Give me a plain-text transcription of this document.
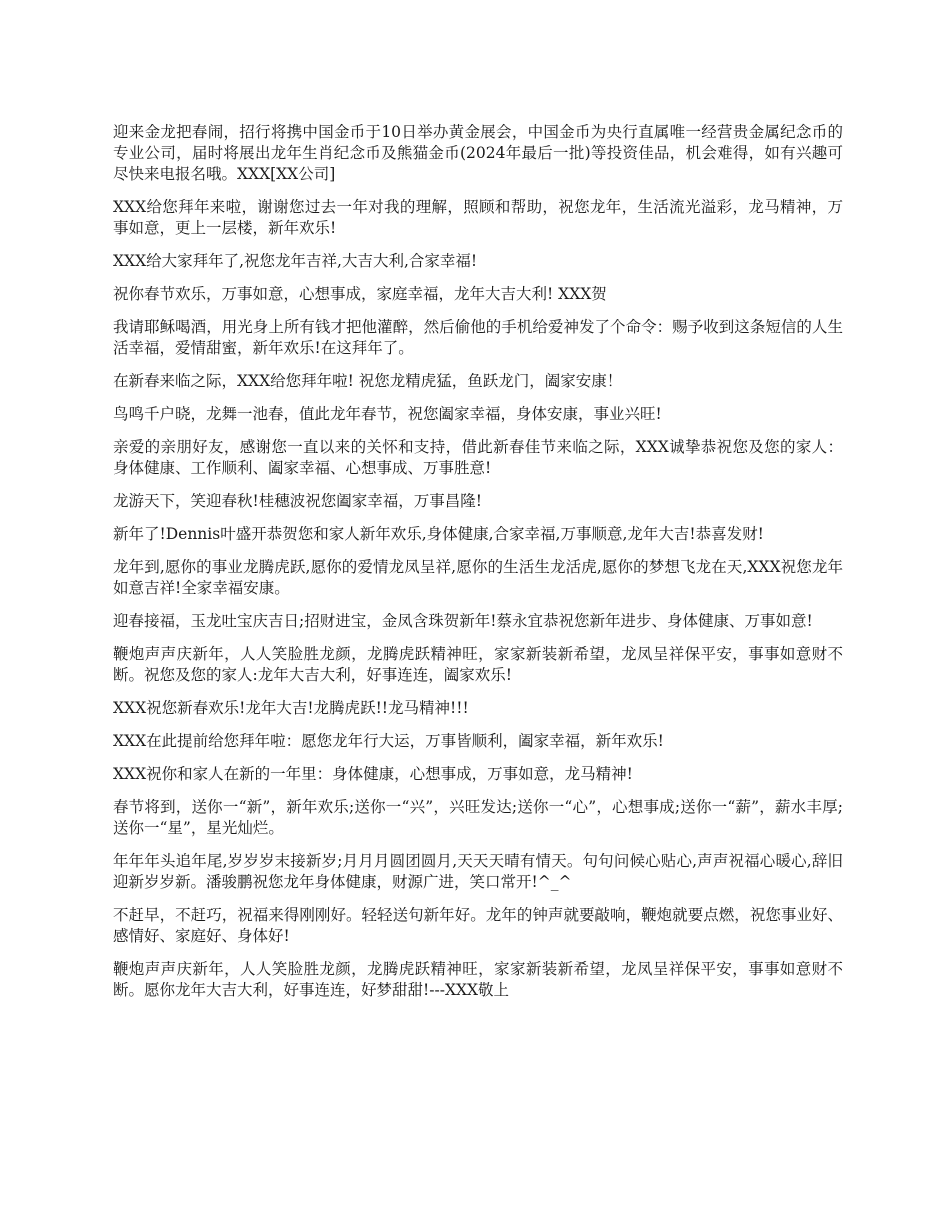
迎来金龙把春闹，招行将携中国金币于10日举办黄金展会，中国金币为央行直属唯一经营贵金属纪念币的专业公司，届时将展出龙年生肖纪念币及熊猫金币(2024年最后一批)等投资佳品，机会难得，如有兴趣可尽快来电报名哦。XXX[XX公司]

XXX给您拜年来啦，谢谢您过去一年对我的理解，照顾和帮助，祝您龙年，生活流光溢彩，龙马精神，万事如意，更上一层楼，新年欢乐!

XXX给大家拜年了,祝您龙年吉祥,大吉大利,合家幸福!

祝你春节欢乐，万事如意，心想事成，家庭幸福，龙年大吉大利! XXX贺

我请耶稣喝酒，用光身上所有钱才把他灌醉，然后偷他的手机给爱神发了个命令：赐予收到这条短信的人生活幸福，爱情甜蜜，新年欢乐!在这拜年了。

在新春来临之际，XXX给您拜年啦! 祝您龙精虎猛，鱼跃龙门，阖家安康！

鸟鸣千户晓，龙舞一池春，值此龙年春节，祝您阖家幸福，身体安康，事业兴旺!

亲爱的亲朋好友，感谢您一直以来的关怀和支持，借此新春佳节来临之际，XXX诚挚恭祝您及您的家人：身体健康、工作顺利、阖家幸福、心想事成、万事胜意!

龙游天下，笑迎春秋!桂穗波祝您阖家幸福，万事昌隆!

新年了!Dennis叶盛开恭贺您和家人新年欢乐,身体健康,合家幸福,万事顺意,龙年大吉!恭喜发财!

龙年到,愿你的事业龙腾虎跃,愿你的爱情龙凤呈祥,愿你的生活生龙活虎,愿你的梦想飞龙在天,XXX祝您龙年如意吉祥!全家幸福安康。

迎春接福，玉龙吐宝庆吉日;招财进宝，金凤含珠贺新年!蔡永宜恭祝您新年进步、身体健康、万事如意!

鞭炮声声庆新年，人人笑脸胜龙颜，龙腾虎跃精神旺，家家新装新希望，龙凤呈祥保平安，事事如意财不断。祝您及您的家人:龙年大吉大利，好事连连，阖家欢乐!

XXX祝您新春欢乐!龙年大吉!龙腾虎跃!!龙马精神!!!

XXX在此提前给您拜年啦：愿您龙年行大运，万事皆顺利，阖家幸福，新年欢乐!

XXX祝你和家人在新的一年里：身体健康，心想事成，万事如意，龙马精神!

春节将到，送你一“新”，新年欢乐;送你一“兴”，兴旺发达;送你一“心”，心想事成;送你一“薪”，薪水丰厚;送你一“星”，星光灿烂。

年年年头追年尾,岁岁岁末接新岁;月月月圆团圆月,天天天晴有情天。句句问候心贴心,声声祝福心暖心,辞旧迎新岁岁新。潘骏鹏祝您龙年身体健康，财源广进，笑口常开!^_^

不赶早，不赶巧，祝福来得刚刚好。轻轻送句新年好。龙年的钟声就要敲响，鞭炮就要点燃，祝您事业好、感情好、家庭好、身体好!

鞭炮声声庆新年，人人笑脸胜龙颜，龙腾虎跃精神旺，家家新装新希望，龙凤呈祥保平安，事事如意财不断。愿你龙年大吉大利，好事连连，好梦甜甜!---XXX敬上
